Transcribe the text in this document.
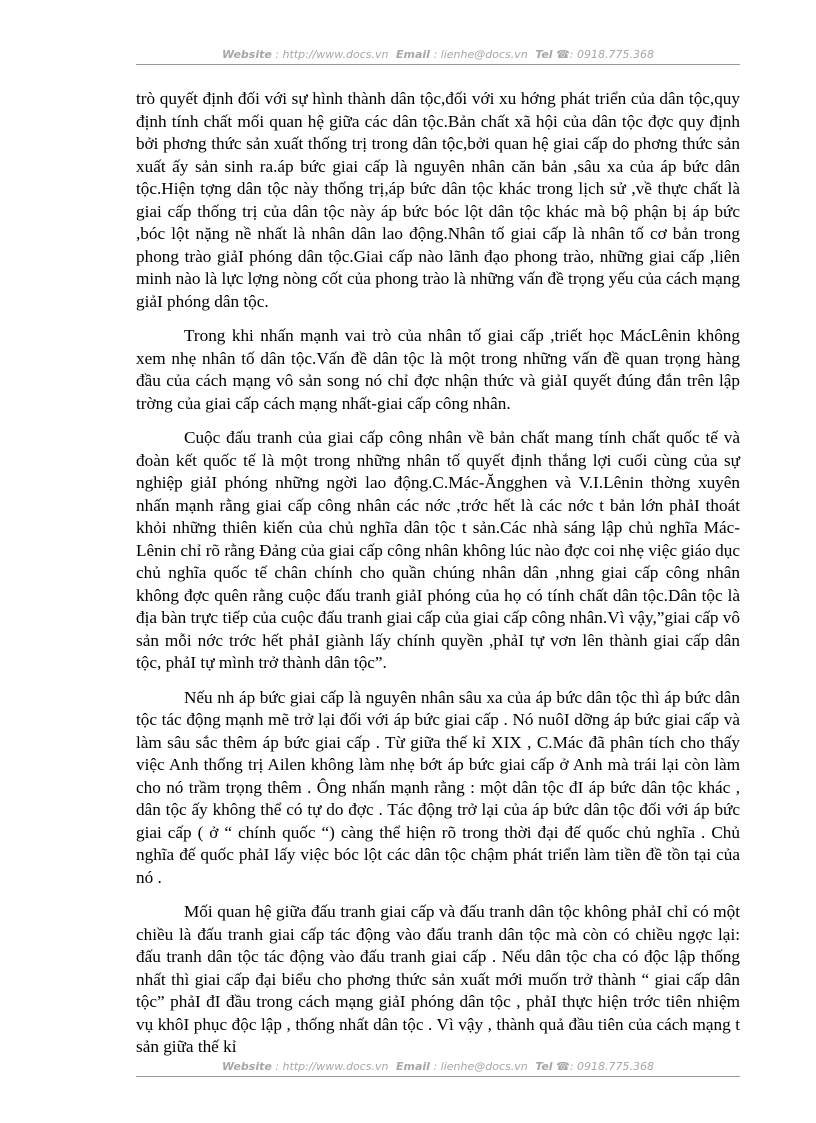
Website : http://www.docs.vn Email : lienhe@docs.vn Tel ☎: 0918.775.368

trò quyết định đối với sự hình thành dân tộc,đối với xu hớng phát triển của dân tộc,quy định tính chất mối quan hệ giữa các dân tộc.Bản chất xã hội của dân tộc đợc quy định bởi phơng thức sản xuất thống trị trong dân tộc,bởi quan hệ giai cấp do phơng thức sản xuất ấy sản sinh ra.áp bức giai cấp là nguyên nhân căn bản ,sâu xa của áp bức dân tộc.Hiện tợng dân tộc này thống trị,áp bức dân tộc khác trong lịch sử ,về thực chất là giai cấp thống trị của dân tộc này áp bức bóc lột dân tộc khác mà bộ phận bị áp bức ,bóc lột nặng nề nhất là nhân dân lao động.Nhân tố giai cấp là nhân tố cơ bản trong phong trào giảI phóng dân tộc.Giai cấp nào lãnh đạo phong trào, những giai cấp ,liên minh nào là lực lợng nòng cốt của phong trào là những vấn đề trọng yếu của cách mạng giảI phóng dân tộc.

Trong khi nhấn mạnh vai trò của nhân tố giai cấp ,triết học MácLênin không xem nhẹ nhân tố dân tộc.Vấn đề dân tộc là một trong những vấn đề quan trọng hàng đầu của cách mạng vô sản song nó chỉ đợc nhận thức và giảI quyết đúng đắn trên lập trờng của giai cấp cách mạng nhất-giai cấp công nhân.

Cuộc đấu tranh của giai cấp công nhân về bản chất mang tính chất quốc tế và đoàn kết quốc tế là một trong những nhân tố quyết định thắng lợi cuối cùng của sự nghiệp giảI phóng những ngời lao động.C.Mác-Ăngghen và V.I.Lênin thờng xuyên nhấn mạnh rằng giai cấp công nhân các nớc ,trớc hết là các nớc t bản lớn phảI thoát khỏi những thiên kiến của chủ nghĩa dân tộc t sản.Các nhà sáng lập chủ nghĩa Mác-Lênin chỉ rõ rằng Đảng của giai cấp công nhân không lúc nào đợc coi nhẹ việc giáo dục chủ nghĩa quốc tế chân chính cho quần chúng nhân dân ,nhng giai cấp công nhân không đợc quên rằng cuộc đấu tranh giảI phóng của họ có tính chất dân tộc.Dân tộc là địa bàn trực tiếp của cuộc đấu tranh giai cấp của giai cấp công nhân.Vì vậy,”giai cấp vô sản mỗi nớc trớc hết phảI giành lấy chính quyền ,phảI tự vơn lên thành giai cấp dân tộc, phảI tự mình trở thành dân tộc”.

Nếu nh áp bức giai cấp là nguyên nhân sâu xa của áp bức dân tộc thì áp bức dân tộc tác động mạnh mẽ trở lại đối với áp bức giai cấp . Nó nuôI dỡng áp bức giai cấp và làm sâu sắc thêm áp bức giai cấp . Từ giữa thế kỉ XIX , C.Mác đã phân tích cho thấy việc Anh thống trị Ailen không làm nhẹ bớt áp bức giai cấp ở Anh mà trái lại còn làm cho nó trầm trọng thêm . Ông nhấn mạnh rằng : một dân tộc đI áp bức dân tộc khác , dân tộc ấy không thể có tự do đợc . Tác động trở lại của áp bức dân tộc đối với áp bức giai cấp ( ở “ chính quốc “) càng thể hiện rõ trong thời đại đế quốc chủ nghĩa . Chủ nghĩa đế quốc phảI lấy việc bóc lột các dân tộc chậm phát triển làm tiền đề tồn tại của nó .

Mối quan hệ giữa đấu tranh giai cấp và đấu tranh dân tộc không phảI chỉ có một chiều là đấu tranh giai cấp tác động vào đấu tranh dân tộc mà còn có chiều ngợc lại: đấu tranh dân tộc tác động vào đấu tranh giai cấp . Nếu dân tộc cha có độc lập thống nhất thì giai cấp đại biểu cho phơng thức sản xuất mới muốn trở thành “ giai cấp dân tộc” phảI đI đầu trong cách mạng giảI phóng dân tộc , phảI thực hiện trớc tiên nhiệm vụ khôI phục độc lập , thống nhất dân tộc . Vì vậy , thành quả đầu tiên của cách mạng t sản giữa thế kỉ

Website : http://www.docs.vn Email : lienhe@docs.vn Tel ☎: 0918.775.368
